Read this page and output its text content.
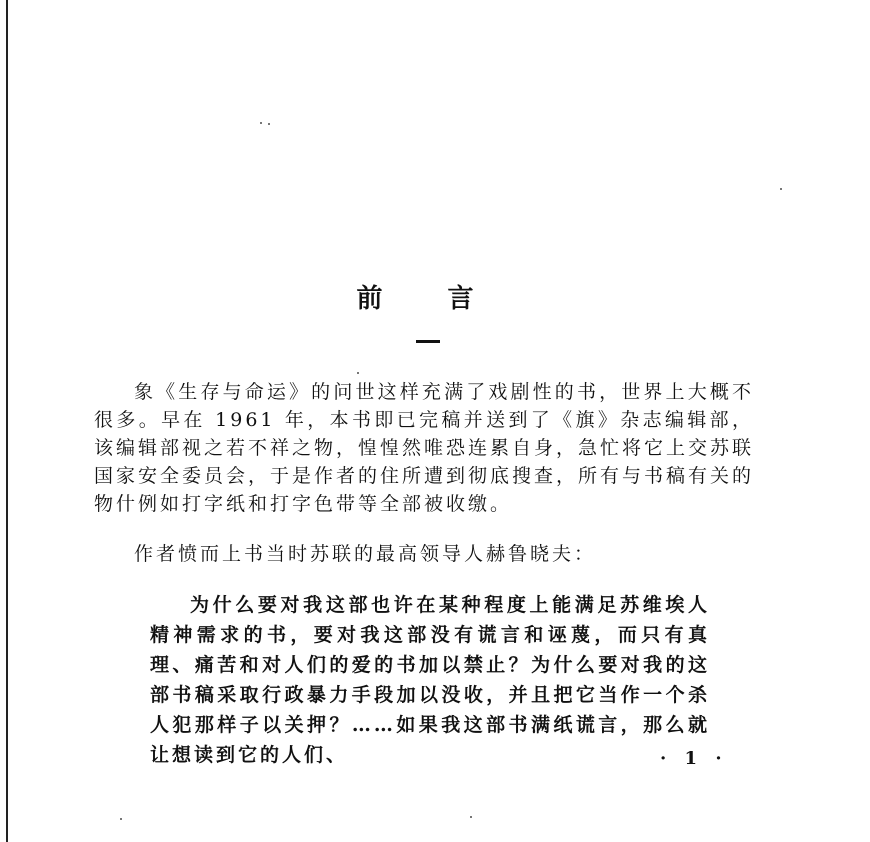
前 言
象《生存与命运》的问世这样充满了戏剧性的书，世界上大概不很多。早在 1961 年，本书即已完稿并送到了《旗》杂志编辑部，该编辑部视之若不祥之物，惶惶然唯恐连累自身，急忙将它上交苏联国家安全委员会，于是作者的住所遭到彻底搜查，所有与书稿有关的物什例如打字纸和打字色带等全部被收缴。
作者愤而上书当时苏联的最高领导人赫鲁晓夫：
为什么要对我这部也许在某种程度上能满足苏维埃人精神需求的书，要对我这部没有谎言和诬蔑，而只有真理、痛苦和对人们的爱的书加以禁止？为什么要对我的这部书稿采取行政暴力手段加以没收，并且把它当作一个杀人犯那样子以关押？……如果我这部书满纸谎言，那么就让想读到它的人们、	· 1 ·
